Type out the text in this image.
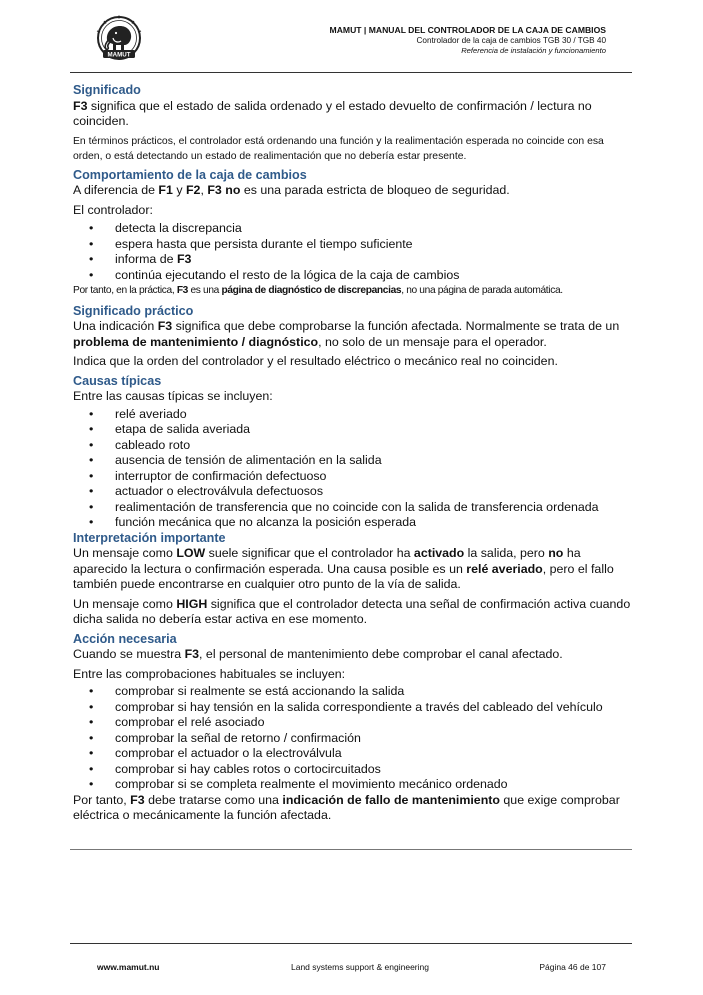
MAMUT
MAMUT | MANUAL DEL CONTROLADOR DE LA CAJA DE CAMBIOS
Controlador de la caja de cambios TGB 30 / TGB 40
Referencia de instalación y funcionamiento
Significado

F3 significa que el estado de salida ordenado y el estado devuelto de confirmación / lectura no coinciden.

En términos prácticos, el controlador está ordenando una función y la realimentación esperada no coincide con esa orden, o está detectando un estado de realimentación que no debería estar presente.

Comportamiento de la caja de cambios

A diferencia de F1 y F2, F3 no es una parada estricta de bloqueo de seguridad.

El controlador:

• detecta la discrepancia
• espera hasta que persista durante el tiempo suficiente
• informa de F3
• continúa ejecutando el resto de la lógica de la caja de cambios

Por tanto, en la práctica, F3 es una página de diagnóstico de discrepancias, no una página de parada automática.

Significado práctico

Una indicación F3 significa que debe comprobarse la función afectada. Normalmente se trata de un problema de mantenimiento / diagnóstico, no solo de un mensaje para el operador.

Indica que la orden del controlador y el resultado eléctrico o mecánico real no coinciden.

Causas típicas

Entre las causas típicas se incluyen:

• relé averiado
• etapa de salida averiada
• cableado roto
• ausencia de tensión de alimentación en la salida
• interruptor de confirmación defectuoso
• actuador o electroválvula defectuosos
• realimentación de transferencia que no coincide con la salida de transferencia ordenada
• función mecánica que no alcanza la posición esperada
Interpretación importante

Un mensaje como LOW suele significar que el controlador ha activado la salida, pero no ha aparecido la lectura o confirmación esperada. Una causa posible es un relé averiado, pero el fallo también puede encontrarse en cualquier otro punto de la vía de salida.

Un mensaje como HIGH significa que el controlador detecta una señal de confirmación activa cuando dicha salida no debería estar activa en ese momento.

Acción necesaria

Cuando se muestra F3, el personal de mantenimiento debe comprobar el canal afectado.

Entre las comprobaciones habituales se incluyen:

• comprobar si realmente se está accionando la salida
• comprobar si hay tensión en la salida correspondiente a través del cableado del vehículo
• comprobar el relé asociado
• comprobar la señal de retorno / confirmación
• comprobar el actuador o la electroválvula
• comprobar si hay cables rotos o cortocircuitados
• comprobar si se completa realmente el movimiento mecánico ordenado

Por tanto, F3 debe tratarse como una indicación de fallo de mantenimiento que exige comprobar eléctrica o mecánicamente la función afectada.

www.mamut.nu	Land systems support & engineering	Página 46 de 107
